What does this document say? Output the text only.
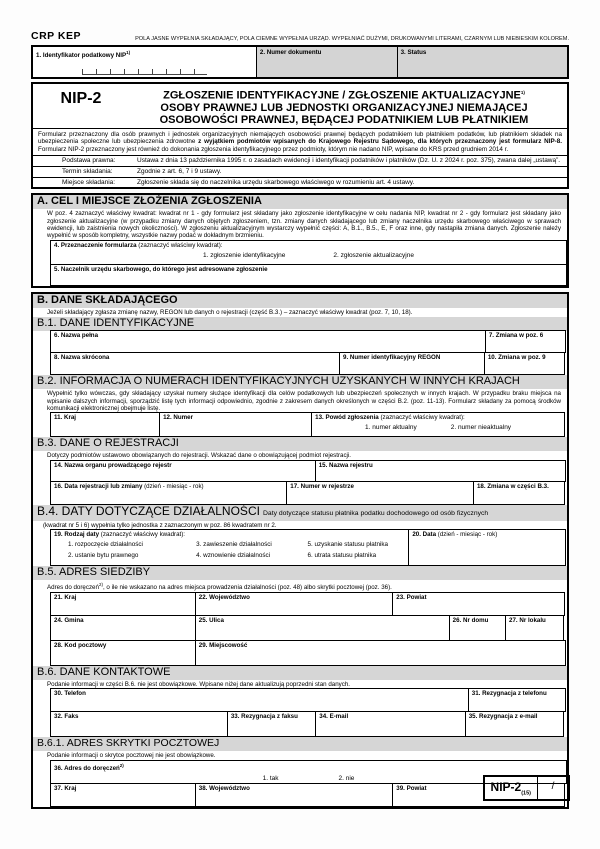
CRP KEP	POLA JASNE WYPEŁNIA SKŁADAJĄCY, POLA CIEMNE WYPEŁNIA URZĄD. WYPEŁNIAĆ DUŻYMI, DRUKOWANYMI LITERAMI, CZARNYM LUB NIEBIESKIM KOLOREM.
1. Identyfikator podatkowy NIP$^{1)}$	2. Numer dokumentu	3. Status
NIP-2	ZGŁOSZENIE IDENTYFIKACYJNE / ZGŁOSZENIE AKTUALIZACYJNE$^{1)}$
OSOBY PRAWNEJ LUB JEDNOSTKI ORGANIZACYJNEJ NIEMAJĄCEJ
OSOBOWOŚCI PRAWNEJ, BĘDĄCEJ PODATNIKIEM LUB PŁATNIKIEM
Formularz przeznaczony dla osób prawnych i jednostek organizacyjnych niemających osobowości prawnej będących podatnikiem lub płatnikiem podatków, lub płatnikiem składek na ubezpieczenia społeczne lub ubezpieczenia zdrowotne z wyjątkiem podmiotów wpisanych do Krajowego Rejestru Sądowego, dla których przeznaczony jest formularz NIP-8. Formularz NIP-2 przeznaczony jest również do dokonania zgłoszenia identyfikacyjnego przez podmioty, którym nie nadano NIP, wpisane do KRS przed grudniem 2014 r.
Podstawa prawna:	Ustawa z dnia 13 października 1995 r. o zasadach ewidencji i identyfikacji podatników i płatników (Dz. U. z 2024 r. poz. 375), zwana dalej „ustawą”.
Termin składania:	Zgodnie z art. 6, 7 i 9 ustawy.
Miejsce składania:	Zgłoszenie składa się do naczelnika urzędu skarbowego właściwego w rozumieniu art. 4 ustawy.
A. CEL I MIEJSCE ZŁOŻENIA ZGŁOSZENIA
W poz. 4 zaznaczyć właściwy kwadrat: kwadrat nr 1 - gdy formularz jest składany jako zgłoszenie identyfikacyjne w celu nadania NIP, kwadrat nr 2 - gdy formularz jest składany jako zgłoszenie aktualizacyjne (w przypadku zmiany danych objętych zgłoszeniem, tzn. zmiany danych składającego lub zmiany naczelnika urzędu skarbowego właściwego w sprawach ewidencji, lub zaistnienia nowych okoliczności). W zgłoszeniu aktualizacyjnym wystarczy wypełnić części: A, B.1., B.5., E, F oraz inne, gdy nastąpiła zmiana danych. Zgłoszenie należy wypełnić w sposób kompletny, wszystkie nazwy podać w dokładnym brzmieniu.
4. Przeznaczenie formularza (zaznaczyć właściwy kwadrat):
1. zgłoszenie identyfikacyjne	2. zgłoszenie aktualizacyjne
5. Naczelnik urzędu skarbowego, do którego jest adresowane zgłoszenie
B. DANE SKŁADAJĄCEGO
Jeżeli składający zgłasza zmianę nazwy, REGON lub danych o rejestracji (część B.3.) – zaznaczyć właściwy kwadrat (poz. 7, 10, 18).
B.1. DANE IDENTYFIKACYJNE
6. Nazwa pełna	7. Zmiana w poz. 6
8. Nazwa skrócona	9. Numer identyfikacyjny REGON	10. Zmiana w poz. 9
B.2. INFORMACJA O NUMERACH IDENTYFIKACYJNYCH UZYSKANYCH W INNYCH KRAJACH
Wypełnić tylko wówczas, gdy składający uzyskał numery służące identyfikacji dla celów podatkowych lub ubezpieczeń społecznych w innych krajach. W przypadku braku miejsca na wpisanie dalszych informacji, sporządzić listę tych informacji odpowiednio, zgodnie z zakresem danych określonych w części B.2. (poz. 11-13). Formularz składany za pomocą środków komunikacji elektronicznej obejmuje listę.
11. Kraj	12. Numer	13. Powód zgłoszenia (zaznaczyć właściwy kwadrat):
1. numer aktualny	2. numer nieaktualny
B.3. DANE O REJESTRACJI
Dotyczy podmiotów ustawowo obowiązanych do rejestracji. Wskazać dane o obowiązującej podmiot rejestracji.
14. Nazwa organu prowadzącego rejestr	15. Nazwa rejestru
16. Data rejestracji lub zmiany (dzień - miesiąc - rok)	17. Numer w rejestrze	18. Zmiana w części B.3.
B.4. DATY DOTYCZĄCE DZIAŁALNOŚCI Daty dotyczące statusu płatnika podatku dochodowego od osób fizycznych
(kwadrat nr 5 i 6) wypełnia tylko jednostka z zaznaczonym w poz. 86 kwadratem nr 2.
19. Rodzaj daty (zaznaczyć właściwy kwadrat):
1. rozpoczęcie działalności	3. zawieszenie działalności	5. uzyskanie statusu płatnika
2. ustanie bytu prawnego	4. wznowienie działalności	6. utrata statusu płatnika
20. Data (dzień - miesiąc - rok)
B.5. ADRES SIEDZIBY
Adres do doręczeń$^{2)}$, o ile nie wskazano na adres miejsca prowadzenia działalności (poz. 48) albo skrytki pocztowej (poz. 36).
21. Kraj	22. Województwo	23. Powiat
24. Gmina	25. Ulica	26. Nr domu	27. Nr lokalu
28. Kod pocztowy	29. Miejscowość
B.6. DANE KONTAKTOWE
Podanie informacji w części B.6. nie jest obowiązkowe. Wpisane niżej dane aktualizują poprzedni stan danych.
30. Telefon	31. Rezygnacja z telefonu
32. Faks	33. Rezygnacja z faksu	34. E-mail	35. Rezygnacja z e-mail
B.6.1. ADRES SKRYTKI POCZTOWEJ
Podanie informacji o skrytce pocztowej nie jest obowiązkowe.
36. Adres do doręczeń$^{2)}$
1. tak	2. nie
37. Kraj	38. Województwo	39. Powiat	NIP-$2_{(15)}$
/
